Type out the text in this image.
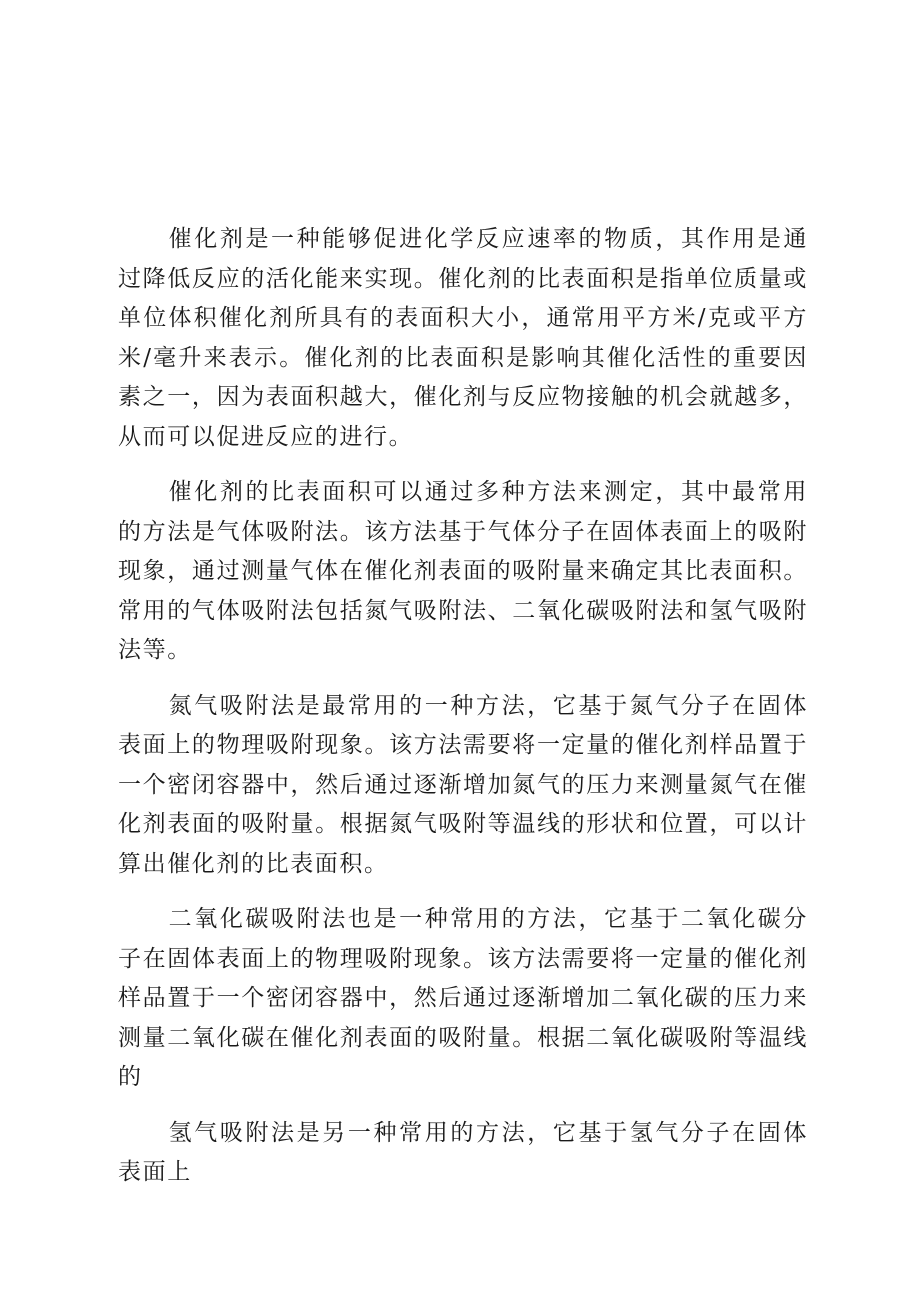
催化剂是一种能够促进化学反应速率的物质，其作用是通过降低反应的活化能来实现。催化剂的比表面积是指单位质量或单位体积催化剂所具有的表面积大小，通常用平方米/克或平方米/毫升来表示。催化剂的比表面积是影响其催化活性的重要因素之一，因为表面积越大，催化剂与反应物接触的机会就越多，从而可以促进反应的进行。

催化剂的比表面积可以通过多种方法来测定，其中最常用的方法是气体吸附法。该方法基于气体分子在固体表面上的吸附现象，通过测量气体在催化剂表面的吸附量来确定其比表面积。常用的气体吸附法包括氮气吸附法、二氧化碳吸附法和氢气吸附法等。

氮气吸附法是最常用的一种方法，它基于氮气分子在固体表面上的物理吸附现象。该方法需要将一定量的催化剂样品置于一个密闭容器中，然后通过逐渐增加氮气的压力来测量氮气在催化剂表面的吸附量。根据氮气吸附等温线的形状和位置，可以计算出催化剂的比表面积。

二氧化碳吸附法也是一种常用的方法，它基于二氧化碳分子在固体表面上的物理吸附现象。该方法需要将一定量的催化剂样品置于一个密闭容器中，然后通过逐渐增加二氧化碳的压力来测量二氧化碳在催化剂表面的吸附量。根据二氧化碳吸附等温线的

氢气吸附法是另一种常用的方法，它基于氢气分子在固体表面上
